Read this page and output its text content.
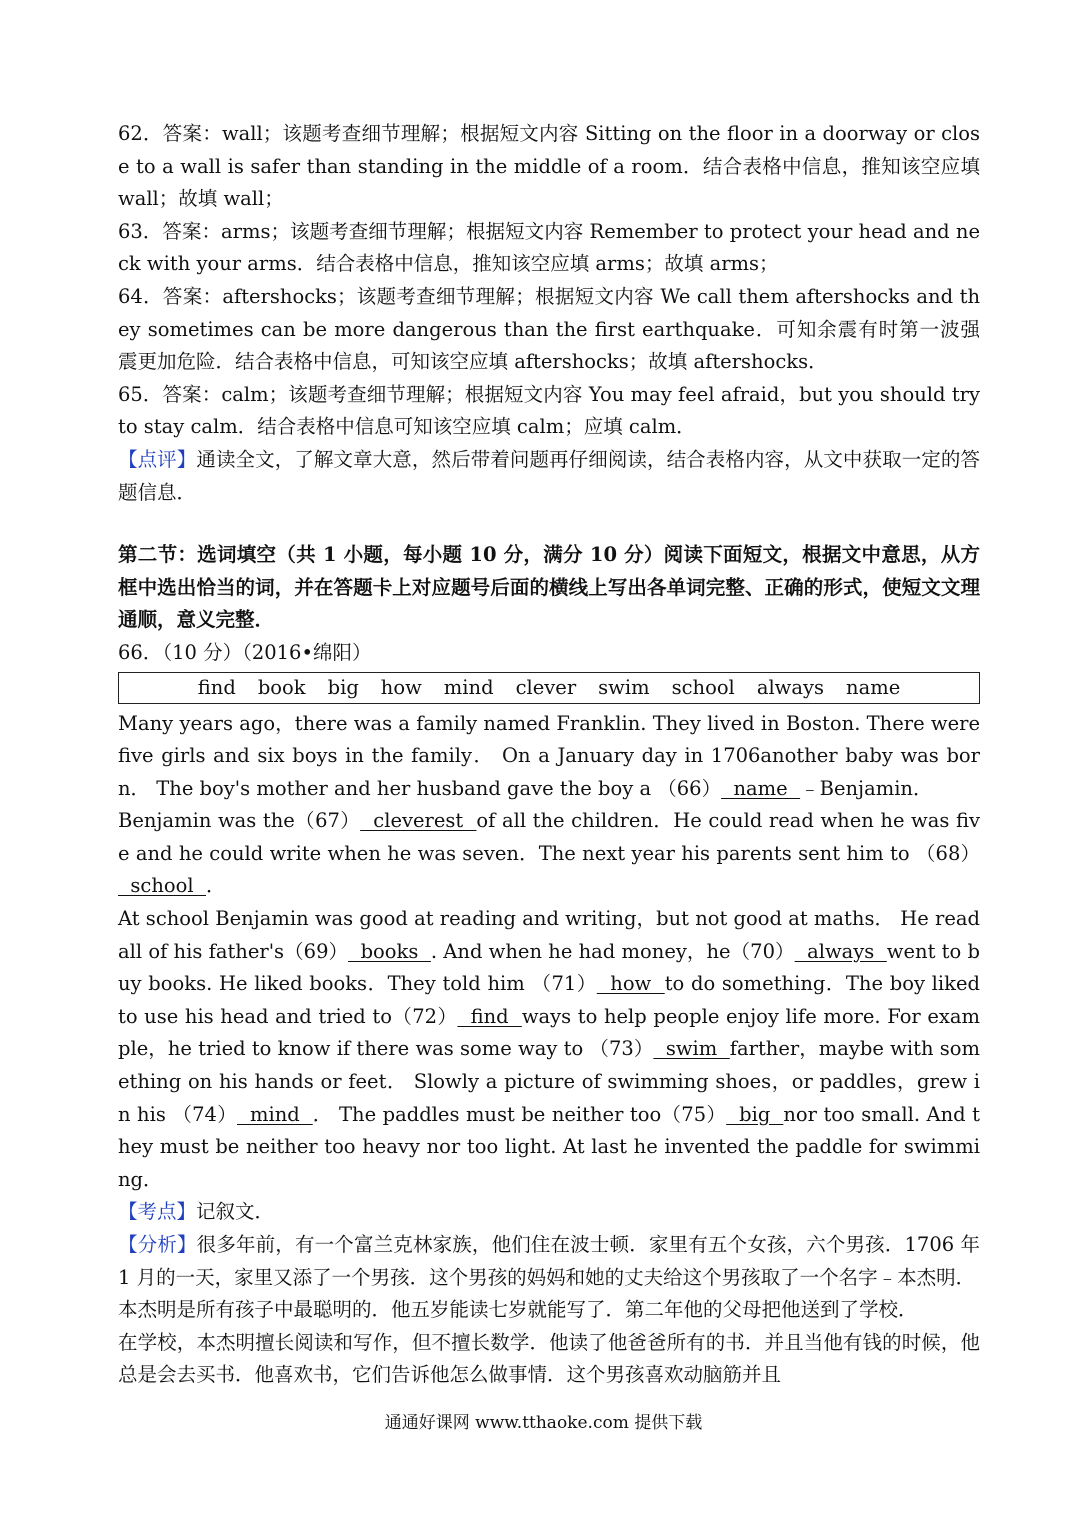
62．答案：wall；该题考查细节理解；根据短文内容 Sitting on the floor in a doorway or close to a wall is safer than standing in the middle of a room．结合表格中信息，推知该空应填 wall；故填 wall；

63．答案：arms；该题考查细节理解；根据短文内容 Remember to protect your head and neck with your arms．结合表格中信息，推知该空应填 arms；故填 arms；

64．答案：aftershocks；该题考查细节理解；根据短文内容 We call them aftershocks and they sometimes can be more dangerous than the first earthquake．可知余震有时第一波强震更加危险．结合表格中信息，可知该空应填 aftershocks；故填 aftershocks．

65．答案：calm；该题考查细节理解；根据短文内容 You may feel afraid，but you should try to stay calm．结合表格中信息可知该空应填 calm；应填 calm．

【点评】通读全文，了解文章大意，然后带着问题再仔细阅读，结合表格内容，从文中获取一定的答题信息．

第二节：选词填空（共 1 小题，每小题 10 分，满分 10 分）阅读下面短文，根据文中意思，从方框中选出恰当的词，并在答题卡上对应题号后面的横线上写出各单词完整、正确的形式，使短文文理通顺，意义完整．

66．（10 分）（2016•绵阳）

find book big how mind clever swim school always name

Many years ago，there was a family named Franklin. They lived in Boston. There were five girls and six boys in the family． On a January day in 1706another baby was born． The boy's mother and her husband gave the boy a （66）  name  ﹣Benjamin．

Benjamin was the（67）  cleverest  of all the children．He could read when he was five and he could write when he was seven．The next year his parents sent him to （68）  school  ．

At school Benjamin was good at reading and writing，but not good at maths． He read all of his father's（69）  books  . And when he had money，he（70）  always  went to buy books. He liked books．They told him （71）  how  to do something．The boy liked to use his head and tried to（72）  find  ways to help people enjoy life more. For example，he tried to know if there was some way to （73）  swim  farther，maybe with something on his hands or feet． Slowly a picture of swimming shoes，or paddles，grew in his （74）  mind  ． The paddles must be neither too（75）  big  nor too small. And they must be neither too heavy nor too light. At last he invented the paddle for swimming．

【考点】记叙文．

【分析】很多年前，有一个富兰克林家族，他们住在波士顿．家里有五个女孩，六个男孩．1706 年 1 月的一天，家里又添了一个男孩．这个男孩的妈妈和她的丈夫给这个男孩取了一个名字﹣本杰明．

本杰明是所有孩子中最聪明的．他五岁能读七岁就能写了．第二年他的父母把他送到了学校．

在学校，本杰明擅长阅读和写作，但不擅长数学．他读了他爸爸所有的书．并且当他有钱的时候，他总是会去买书．他喜欢书，它们告诉他怎么做事情．这个男孩喜欢动脑筋并且

通通好课网 www.tthaoke.com 提供下载
